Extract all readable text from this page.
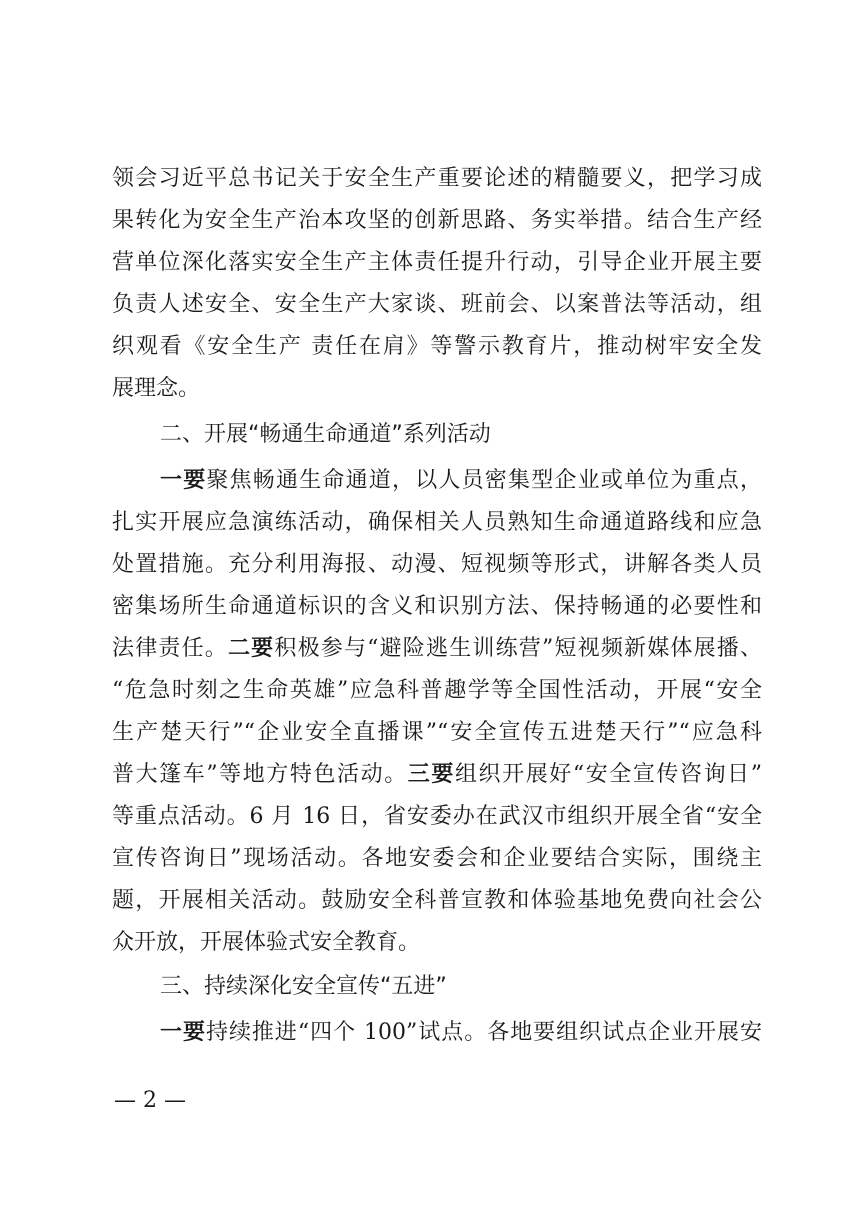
领会习近平总书记关于安全生产重要论述的精髓要义，把学习成
果转化为安全生产治本攻坚的创新思路、务实举措。结合生产经
营单位深化落实安全生产主体责任提升行动，引导企业开展主要
负责人述安全、安全生产大家谈、班前会、以案普法等活动，组
织观看《安全生产 责任在肩》等警示教育片，推动树牢安全发
展理念。
二、开展“畅通生命通道”系列活动
一要聚焦畅通生命通道，以人员密集型企业或单位为重点，
扎实开展应急演练活动，确保相关人员熟知生命通道路线和应急
处置措施。充分利用海报、动漫、短视频等形式，讲解各类人员
密集场所生命通道标识的含义和识别方法、保持畅通的必要性和
法律责任。二要积极参与“避险逃生训练营”短视频新媒体展播、
“危急时刻之生命英雄”应急科普趣学等全国性活动，开展“安全
生产楚天行”“企业安全直播课”“安全宣传五进楚天行”“应急科
普大篷车”等地方特色活动。三要组织开展好“安全宣传咨询日”
等重点活动。6 月 16 日，省安委办在武汉市组织开展全省“安全
宣传咨询日”现场活动。各地安委会和企业要结合实际，围绕主
题，开展相关活动。鼓励安全科普宣教和体验基地免费向社会公
众开放，开展体验式安全教育。
三、持续深化安全宣传“五进”
一要持续推进“四个 100”试点。各地要组织试点企业开展安
— 2 —
